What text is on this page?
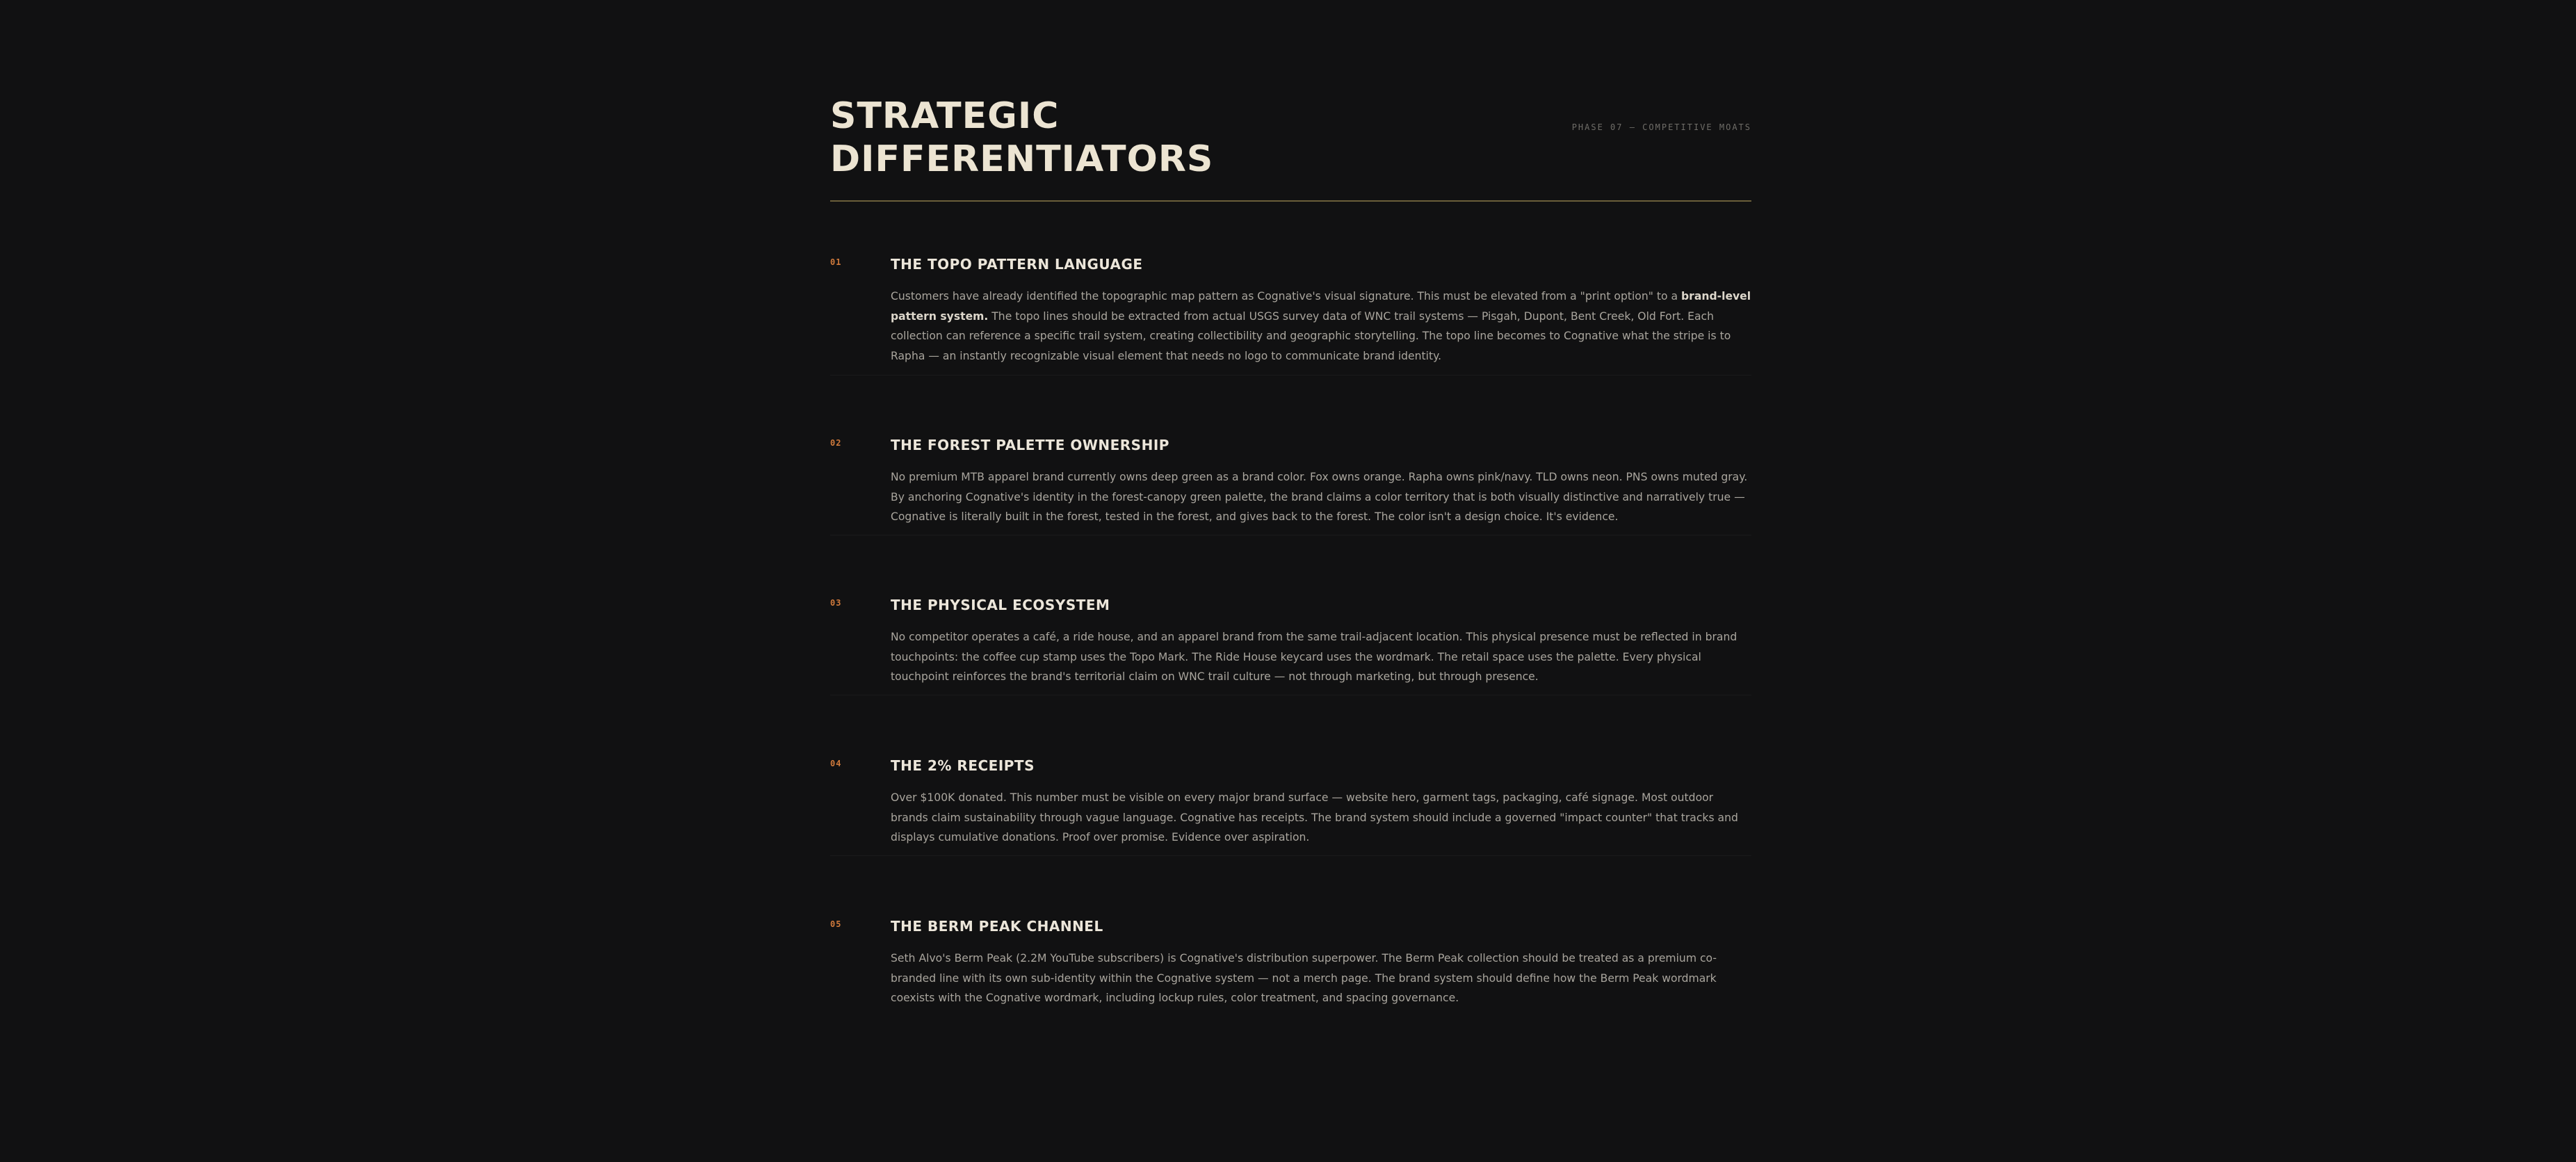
STRATEGIC
DIFFERENTIATORS
PHASE 07 — COMPETITIVE MOATS
01	THE TOPO PATTERN LANGUAGE

Customers have already identified the topographic map pattern as Cognative's visual signature. This must be elevated from a "print option" to a brand-level pattern system. The topo lines should be extracted from actual USGS survey data of WNC trail systems — Pisgah, Dupont, Bent Creek, Old Fort. Each collection can reference a specific trail system, creating collectibility and geographic storytelling. The topo line becomes to Cognative what the stripe is to Rapha — an instantly recognizable visual element that needs no logo to communicate brand identity.

02	THE FOREST PALETTE OWNERSHIP

No premium MTB apparel brand currently owns deep green as a brand color. Fox owns orange. Rapha owns pink/navy. TLD owns neon. PNS owns muted gray. By anchoring Cognative's identity in the forest-canopy green palette, the brand claims a color territory that is both visually distinctive and narratively true — Cognative is literally built in the forest, tested in the forest, and gives back to the forest. The color isn't a design choice. It's evidence.

03	THE PHYSICAL ECOSYSTEM

No competitor operates a café, a ride house, and an apparel brand from the same trail-adjacent location. This physical presence must be reflected in brand touchpoints: the coffee cup stamp uses the Topo Mark. The Ride House keycard uses the wordmark. The retail space uses the palette. Every physical touchpoint reinforces the brand's territorial claim on WNC trail culture — not through marketing, but through presence.

04	THE 2% RECEIPTS

Over $100K donated. This number must be visible on every major brand surface — website hero, garment tags, packaging, café signage. Most outdoor brands claim sustainability through vague language. Cognative has receipts. The brand system should include a governed "impact counter" that tracks and displays cumulative donations. Proof over promise. Evidence over aspiration.

05	THE BERM PEAK CHANNEL

Seth Alvo's Berm Peak (2.2M YouTube subscribers) is Cognative's distribution superpower. The Berm Peak collection should be treated as a premium co-branded line with its own sub-identity within the Cognative system — not a merch page. The brand system should define how the Berm Peak wordmark coexists with the Cognative wordmark, including lockup rules, color treatment, and spacing governance.
